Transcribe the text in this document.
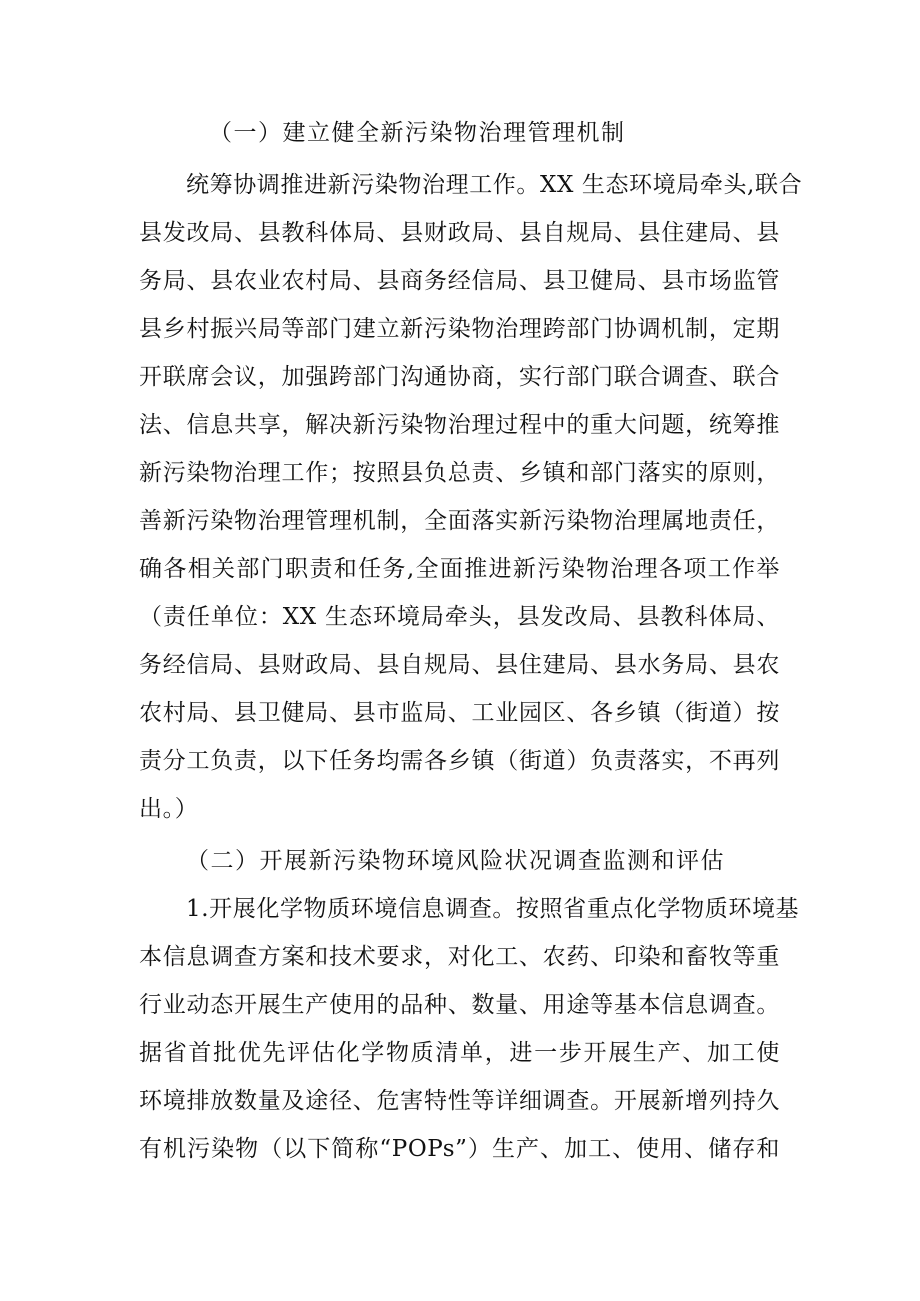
（一）建立健全新污染物治理管理机制
统筹协调推进新污染物治理工作。XX 生态环境局牵头,联合
县发改局、县教科体局、县财政局、县自规局、县住建局、县
务局、县农业农村局、县商务经信局、县卫健局、县市场监管
县乡村振兴局等部门建立新污染物治理跨部门协调机制，定期
开联席会议，加强跨部门沟通协商，实行部门联合调查、联合
法、信息共享，解决新污染物治理过程中的重大问题，统筹推
新污染物治理工作；按照县负总责、乡镇和部门落实的原则，
善新污染物治理管理机制，全面落实新污染物治理属地责任，
确各相关部门职责和任务,全面推进新污染物治理各项工作举
（责任单位：XX 生态环境局牵头，县发改局、县教科体局、
务经信局、县财政局、县自规局、县住建局、县水务局、县农
农村局、县卫健局、县市监局、工业园区、各乡镇（街道）按
责分工负责，以下任务均需各乡镇（街道）负责落实，不再列
出。）
（二）开展新污染物环境风险状况调查监测和评估
1.开展化学物质环境信息调查。按照省重点化学物质环境基
本信息调查方案和技术要求，对化工、农药、印染和畜牧等重
行业动态开展生产使用的品种、数量、用途等基本信息调查。
据省首批优先评估化学物质清单，进一步开展生产、加工使
环境排放数量及途径、危害特性等详细调查。开展新增列持久
有机污染物（以下简称“POPs”）生产、加工、使用、储存和
